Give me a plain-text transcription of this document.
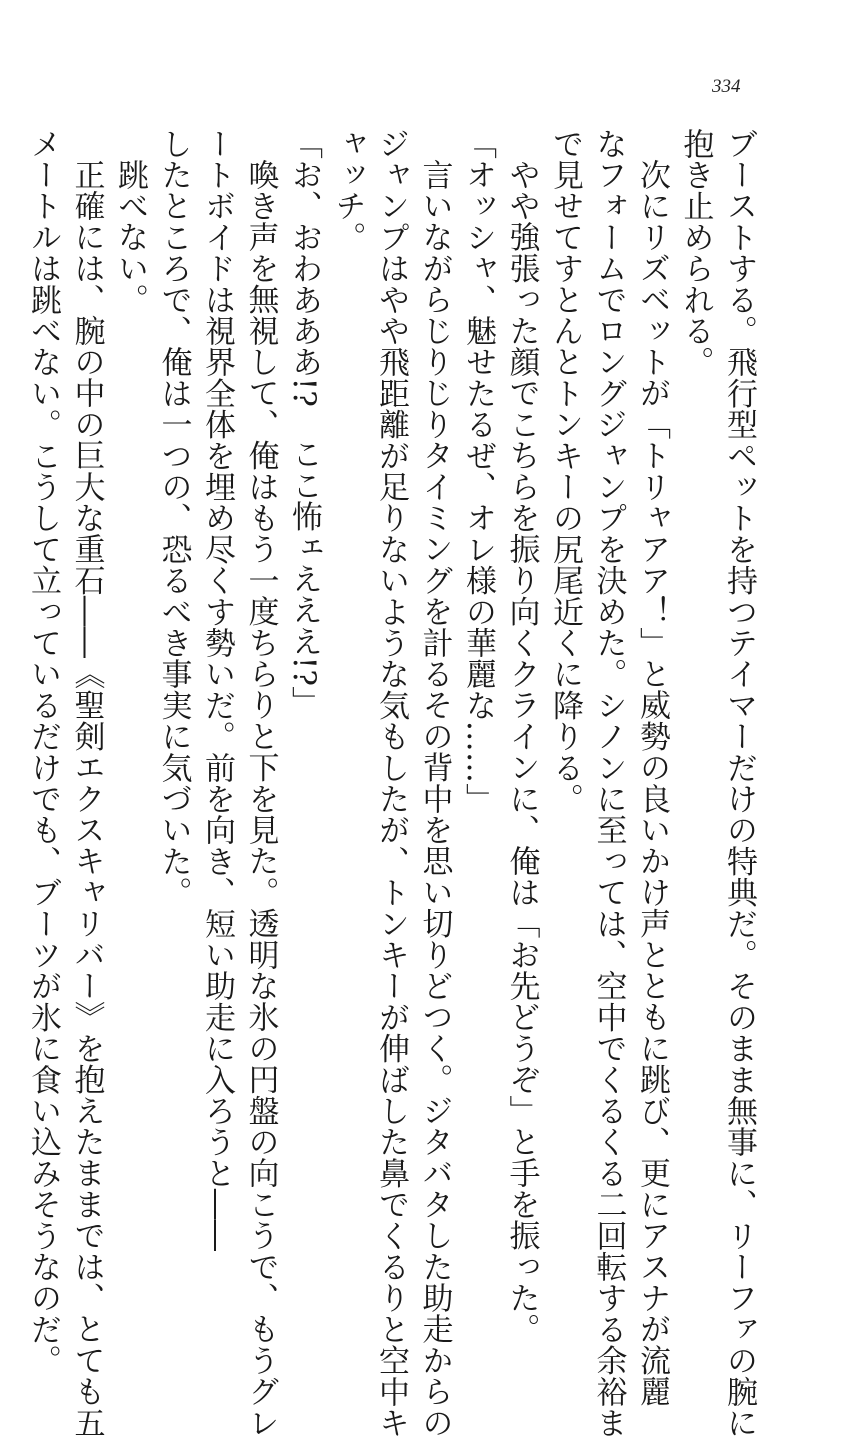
334
ブーストする。飛行型ペットを持つテイマーだけの特典だ。そのまま無事に、リーファの腕に
抱き止められる。
次にリズベットが「トリャアア！」と威勢の良いかけ声とともに跳び、更にアスナが流麗
なフォームでロングジャンプを決めた。シノンに至っては、空中でくるくる二回転する余裕ま
で見せてすとんとトンキーの尻尾近くに降りる。
やや強張った顔でこちらを振り向くクラインに、俺は「お先どうぞ」と手を振った。
「オッシャ、魅せたるぜ、オレ様の華麗な……」
言いながらじりじりタイミングを計るその背中を思い切りどつく。ジタバタした助走からの
ジャンプはやや飛距離が足りないような気もしたが、トンキーが伸ばした鼻でくるりと空中キ
ャッチ。
「お、おわあああ!?　ここ怖ェえええ!?」
喚き声を無視して、俺はもう一度ちらりと下を見た。透明な氷の円盤の向こうで、もうグレ
ートボイドは視界全体を埋め尽くす勢いだ。前を向き、短い助走に入ろうと――
したところで、俺は一つの、恐るべき事実に気づいた。
跳べない。
正確には、腕の中の巨大な重石――《聖剣エクスキャリバー》を抱えたままでは、とても五
メートルは跳べない。こうして立っているだけでも、ブーツが氷に食い込みそうなのだ。
